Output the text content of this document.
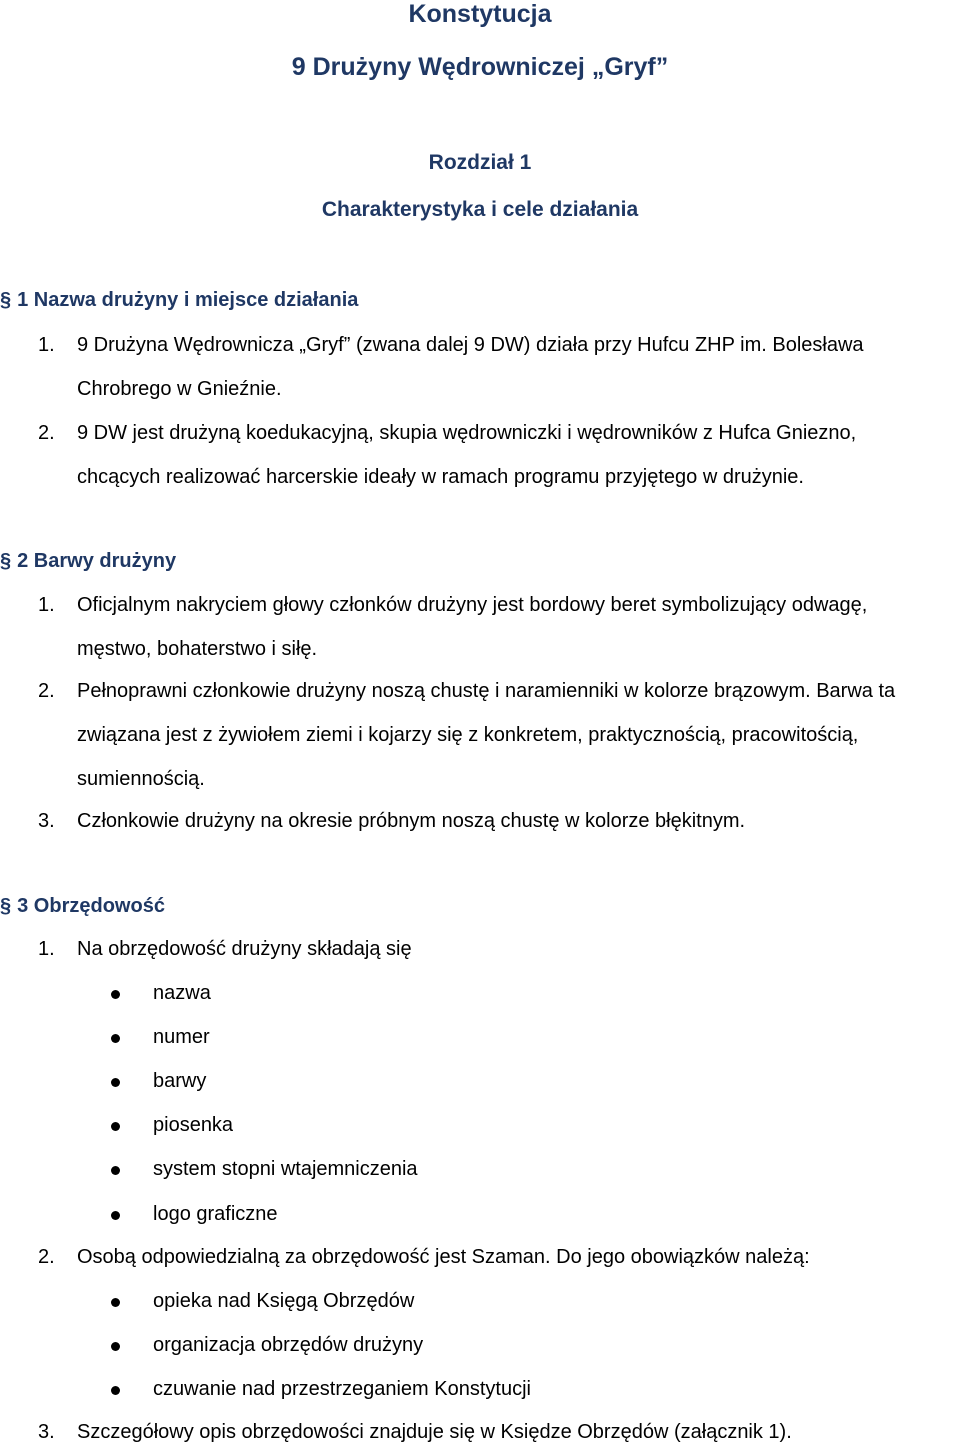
Konstytucja
9 Drużyny Wędrowniczej „Gryf”
Rozdział 1
Charakterystyka i cele działania
§ 1 Nazwa drużyny i miejsce działania
1. 9 Drużyna Wędrownicza „Gryf” (zwana dalej 9 DW) działa przy Hufcu ZHP im. Bolesława
Chrobrego w Gnieźnie.
2. 9 DW jest drużyną koedukacyjną, skupia wędrowniczki i wędrowników z Hufca Gniezno,
chcących realizować harcerskie ideały w ramach programu przyjętego w drużynie.
§ 2 Barwy drużyny
1. Oficjalnym nakryciem głowy członków drużyny jest bordowy beret symbolizujący odwagę,
męstwo, bohaterstwo i siłę.
2. Pełnoprawni członkowie drużyny noszą chustę i naramienniki w kolorze brązowym. Barwa ta
związana jest z żywiołem ziemi i kojarzy się z konkretem, praktycznością, pracowitością,
sumiennością.
3. Członkowie drużyny na okresie próbnym noszą chustę w kolorze błękitnym.
§ 3 Obrzędowość
1. Na obrzędowość drużyny składają się
nazwa
numer
barwy
piosenka
system stopni wtajemniczenia
logo graficzne
2. Osobą odpowiedzialną za obrzędowość jest Szaman. Do jego obowiązków należą:
opieka nad Księgą Obrzędów
organizacja obrzędów drużyny
czuwanie nad przestrzeganiem Konstytucji
3. Szczegółowy opis obrzędowości znajduje się w Księdze Obrzędów (załącznik 1).
